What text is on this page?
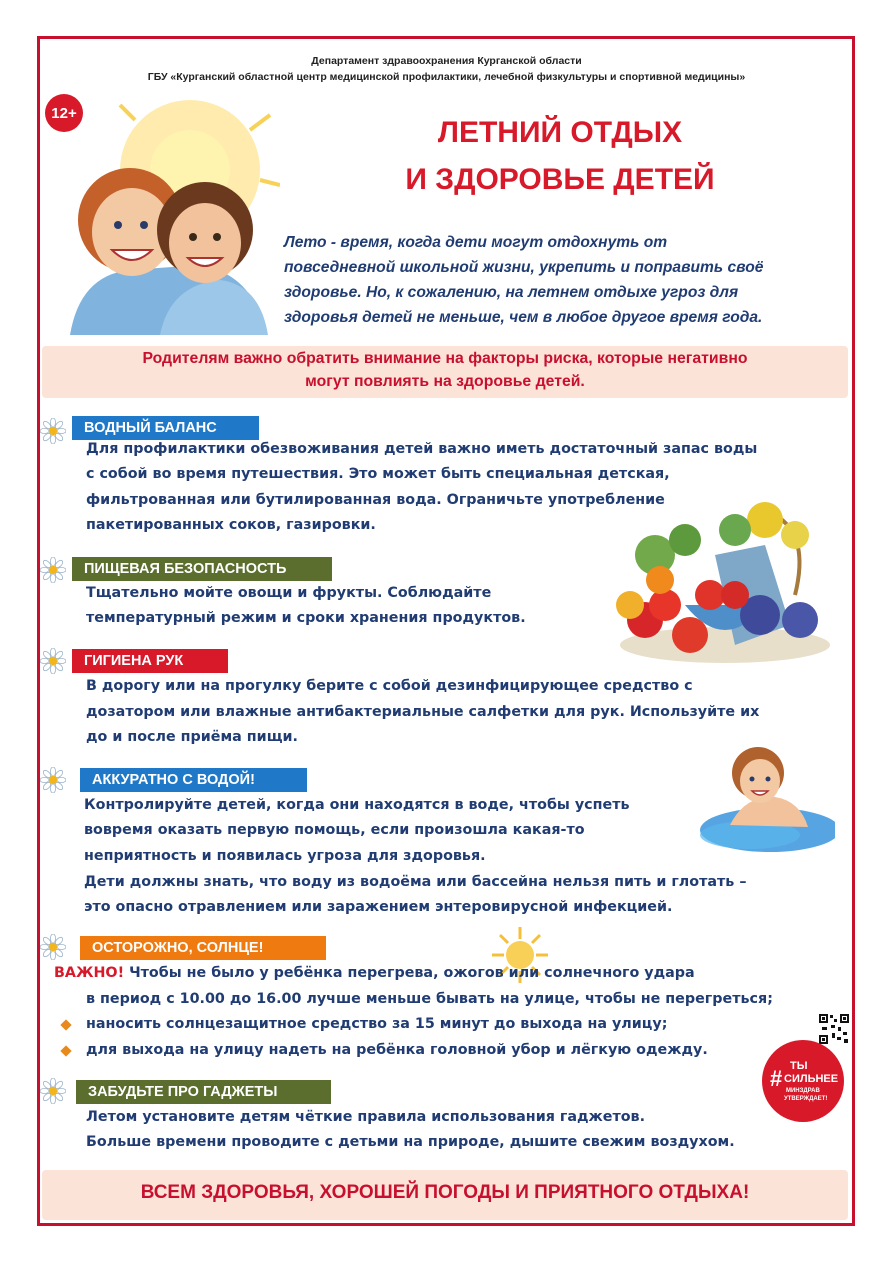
Департамент здравоохранения Курганской области
ГБУ «Курганский областной центр медицинской профилактики, лечебной физкультуры и спортивной медицины»
12+
ЛЕТНИЙ ОТДЫХ
И ЗДОРОВЬЕ ДЕТЕЙ
Лето - время, когда дети могут отдохнуть от
повседневной школьной жизни, укрепить и поправить своё
здоровье. Но, к сожалению, на летнем отдыхе угроз для
здоровья детей не меньше, чем в любое другое время года.
Родителям важно обратить внимание на факторы риска, которые негативно
могут повлиять на здоровье детей.
ВОДНЫЙ БАЛАНС
Для профилактики обезвоживания детей важно иметь достаточный запас воды
с собой во время путешествия. Это может быть специальная детская,
фильтрованная или бутилированная вода. Ограничьте употребление
пакетированных соков, газировки.
ПИЩЕВАЯ БЕЗОПАСНОСТЬ
Тщательно мойте овощи и фрукты. Соблюдайте
температурный режим и сроки хранения продуктов.
ГИГИЕНА РУК
В дорогу или на прогулку берите с собой дезинфицирующее средство с
дозатором или влажные антибактериальные салфетки для рук. Используйте их
до и после приёма пищи.
АККУРАТНО С ВОДОЙ!
Контролируйте детей, когда они находятся в воде, чтобы успеть
вовремя оказать первую помощь, если произошла какая-то
неприятность и появилась угроза для здоровья.
Дети должны знать, что воду из водоёма или бассейна нельзя пить и глотать –
это опасно отравлением или заражением энтеровирусной инфекцией.
ОСТОРОЖНО, СОЛНЦЕ!
ВАЖНО! Чтобы не было у ребёнка перегрева, ожогов или солнечного удара
в период с 10.00 до 16.00 лучше меньше бывать на улице, чтобы не перегреться;
наносить солнцезащитное средство за 15 минут до выхода на улицу;
для выхода на улицу надеть на ребёнка головной убор и лёгкую одежду.
# ТЫ
СИЛЬНЕЕ
МИНЗДРАВ
УТВЕРЖДАЕТ!
ЗАБУДЬТЕ ПРО ГАДЖЕТЫ
Летом установите детям чёткие правила использования гаджетов.
Больше времени проводите с детьми на природе, дышите свежим воздухом.
ВСЕМ ЗДОРОВЬЯ, ХОРОШЕЙ ПОГОДЫ И ПРИЯТНОГО ОТДЫХА!
